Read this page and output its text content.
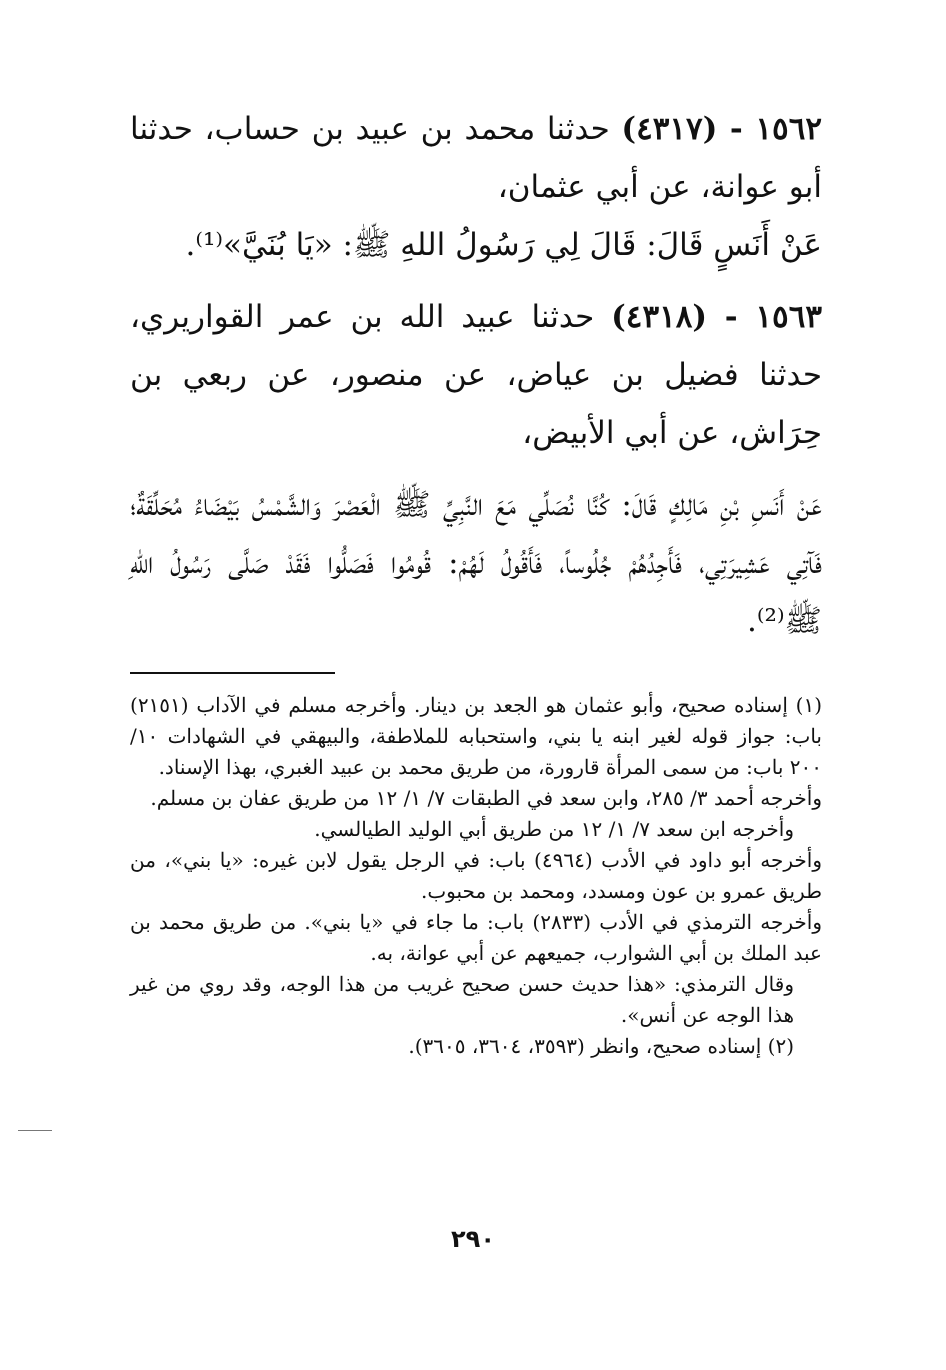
١٥٦٢ - (٤٣١٧) حدثنا محمد بن عبيد بن حساب، حدثنا أبو عوانة، عن أبي عثمان،

عَنْ أَنَسٍ قَالَ: قَالَ لِي رَسُولُ اللهِ ﷺ: «يَا بُنَيَّ»⁽¹⁾.

١٥٦٣ - (٤٣١٨) حدثنا عبيد الله بن عمر القواريري، حدثنا فضيل بن عياض، عن منصور، عن ربعي بن حِرَاش، عن أبي الأبيض،

عَنْ أَنَسِ بْنِ مَالِكٍ قَالَ: كُنَّا نُصَلِّي مَعَ النَّبِيِّ ﷺ الْعَصْرَ وَالشَّمْسُ بَيْضَاءُ مُحَلِّقَةٌ؛ فَآتِي عَشِيرَتِي، فَأَجِدُهُمْ جُلُوساً، فَأَقُولُ لَهُمْ: قُومُوا فَصَلُّوا فَقَدْ صَلَّى رَسُولُ اللهِ ﷺ⁽²⁾.

(١) إسناده صحيح، وأبو عثمان هو الجعد بن دينار. وأخرجه مسلم في الآداب (٢١٥١) باب: جواز قوله لغير ابنه يا بني، واستحبابه للملاطفة، والبيهقي في الشهادات ١٠/ ٢٠٠ باب: من سمى المرأة قارورة، من طريق محمد بن عبيد الغبري، بهذا الإسناد.

وأخرجه أحمد ٣/ ٢٨٥، وابن سعد في الطبقات ٧/ ١/ ١٢ من طريق عفان بن مسلم.

وأخرجه ابن سعد ٧/ ١/ ١٢ من طريق أبي الوليد الطيالسي.

وأخرجه أبو داود في الأدب (٤٩٦٤) باب: في الرجل يقول لابن غيره: «يا بني»، من طريق عمرو بن عون ومسدد، ومحمد بن محبوب.

وأخرجه الترمذي في الأدب (٢٨٣٣) باب: ما جاء في «يا بني». من طريق محمد بن عبد الملك بن أبي الشوارب، جميعهم عن أبي عوانة، به.

وقال الترمذي: «هذا حديث حسن صحيح غريب من هذا الوجه، وقد روي من غير هذا الوجه عن أنس».

(٢) إسناده صحيح، وانظر (٣٥٩٣، ٣٦٠٤، ٣٦٠٥).

٢٩٠
